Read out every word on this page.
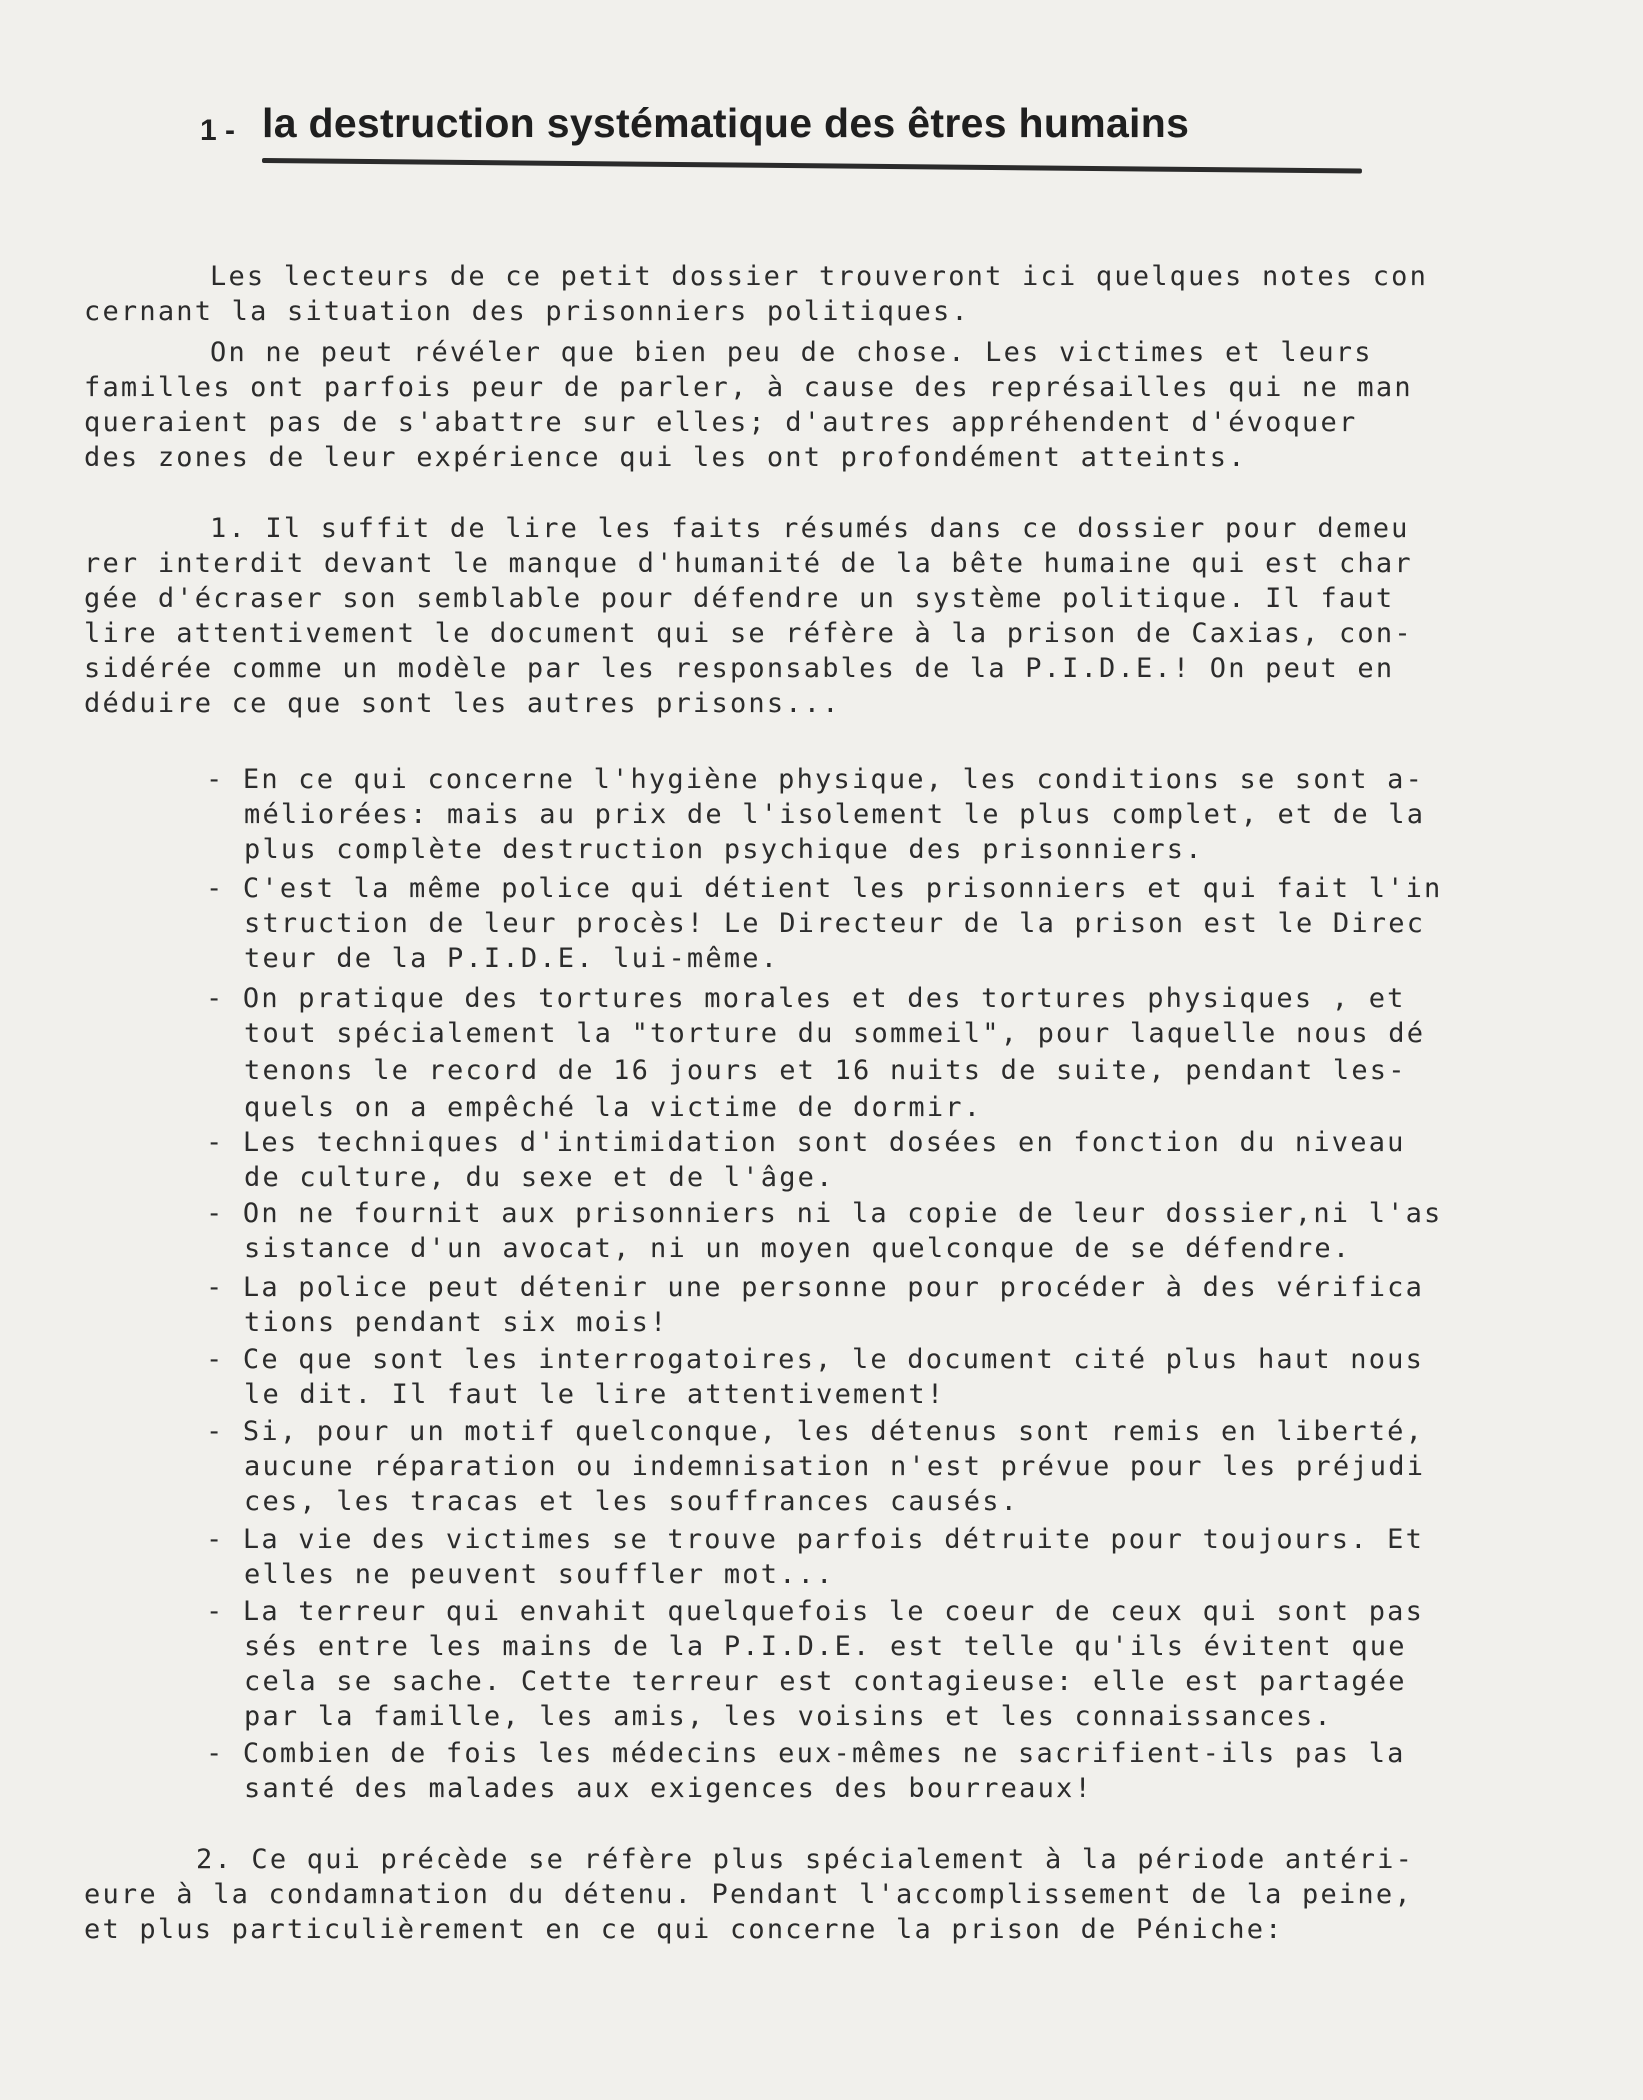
1 - la destruction systématique des êtres humains
Les lecteurs de ce petit dossier trouveront ici quelques notes con
cernant la situation des prisonniers politiques.
On ne peut révéler que bien peu de chose. Les victimes et leurs
familles ont parfois peur de parler, à cause des représailles qui ne man
queraient pas de s'abattre sur elles; d'autres appréhendent d'évoquer
des zones de leur expérience qui les ont profondément atteints.
1. Il suffit de lire les faits résumés dans ce dossier pour demeu
rer interdit devant le manque d'humanité de la bête humaine qui est char
gée d'écraser son semblable pour défendre un système politique. Il faut
lire attentivement le document qui se réfère à la prison de Caxias, con-
sidérée comme un modèle par les responsables de la P.I.D.E.! On peut en
déduire ce que sont les autres prisons...
- En ce qui concerne l'hygiène physique, les conditions se sont a-
méliorées: mais au prix de l'isolement le plus complet, et de la
plus complète destruction psychique des prisonniers.
- C'est la même police qui détient les prisonniers et qui fait l'in
struction de leur procès! Le Directeur de la prison est le Direc
teur de la P.I.D.E. lui-même.
- On pratique des tortures morales et des tortures physiques , et
tout spécialement la "torture du sommeil", pour laquelle nous dé
tenons le record de 16 jours et 16 nuits de suite, pendant les-
quels on a empêché la victime de dormir.
- Les techniques d'intimidation sont dosées en fonction du niveau
de culture, du sexe et de l'âge.
- On ne fournit aux prisonniers ni la copie de leur dossier,ni l'as
sistance d'un avocat, ni un moyen quelconque de se défendre.
- La police peut détenir une personne pour procéder à des vérifica
tions pendant six mois!
- Ce que sont les interrogatoires, le document cité plus haut nous
le dit. Il faut le lire attentivement!
- Si, pour un motif quelconque, les détenus sont remis en liberté,
aucune réparation ou indemnisation n'est prévue pour les préjudi
ces, les tracas et les souffrances causés.
- La vie des victimes se trouve parfois détruite pour toujours. Et
elles ne peuvent souffler mot...
- La terreur qui envahit quelquefois le coeur de ceux qui sont pas
sés entre les mains de la P.I.D.E. est telle qu'ils évitent que
cela se sache. Cette terreur est contagieuse: elle est partagée
par la famille, les amis, les voisins et les connaissances.
- Combien de fois les médecins eux-mêmes ne sacrifient-ils pas la
santé des malades aux exigences des bourreaux!
2. Ce qui précède se réfère plus spécialement à la période antéri-
eure à la condamnation du détenu. Pendant l'accomplissement de la peine,
et plus particulièrement en ce qui concerne la prison de Péniche:
